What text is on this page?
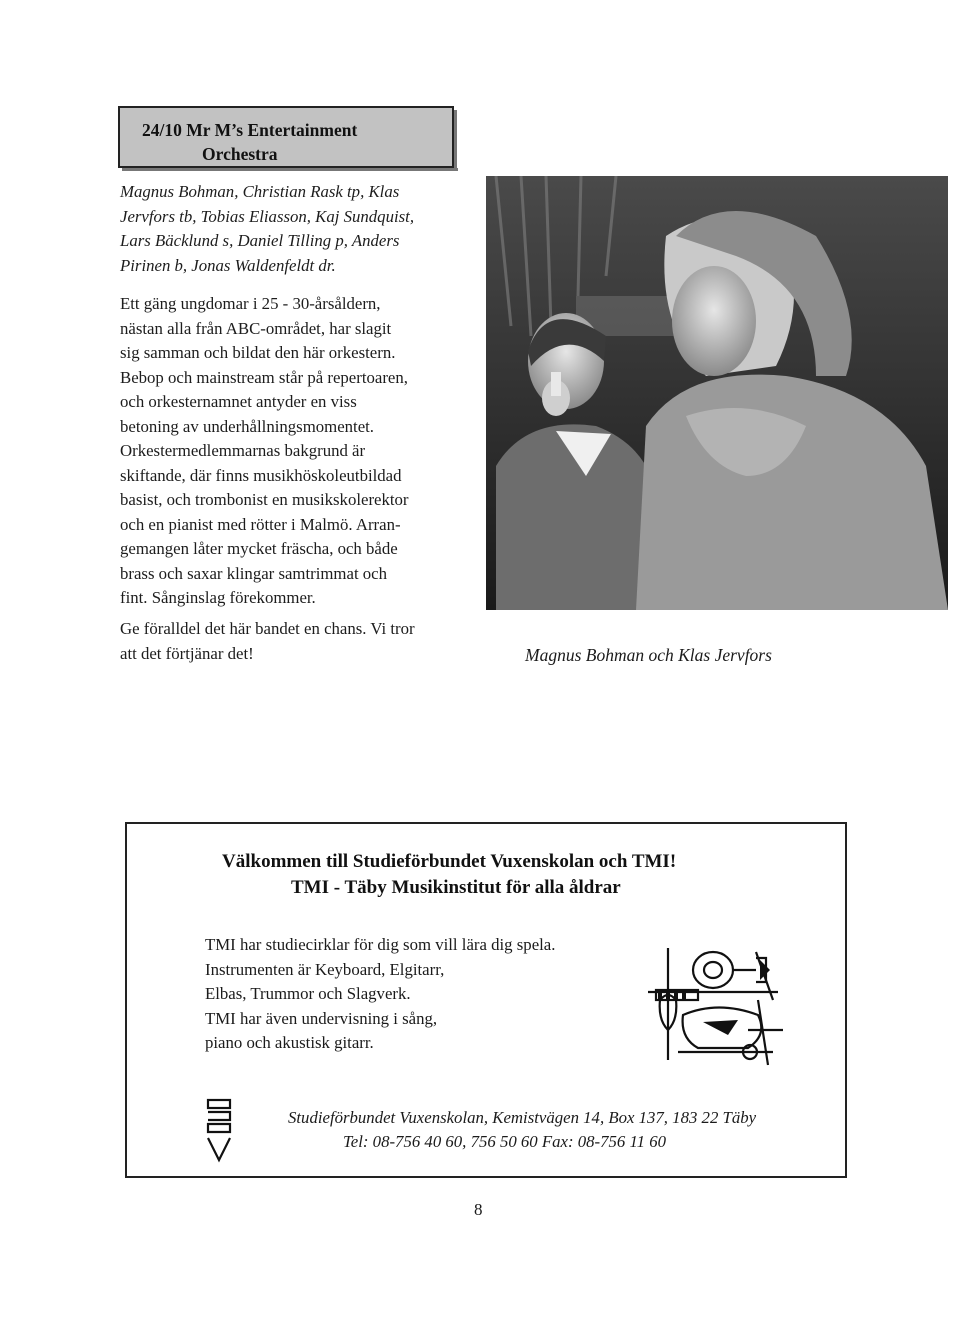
24/10 Mr M’s Entertainment
Orchestra
Magnus Bohman, Christian Rask tp, Klas
Jervfors tb, Tobias Eliasson, Kaj Sundquist,
Lars Bäcklund s, Daniel Tilling p, Anders
Pirinen b, Jonas Waldenfeldt dr.
Ett gäng ungdomar i 25 - 30-årsåldern,
nästan alla från ABC-området, har slagit
sig samman och bildat den här orkestern.
Bebop och mainstream står på repertoaren,
och orkesternamnet antyder en viss
betoning av underhållningsmomentet.
Orkestermedlemmarnas bakgrund är
skiftande, där finns musikhöskoleutbildad
basist, och trombonist en musikskolerektor
och en pianist med rötter i Malmö. Arran-
gemangen låter mycket fräscha, och både
brass och saxar klingar samtrimmat och
fint. Sånginslag förekommer.
Ge föralldel det här bandet en chans. Vi tror
att det förtjänar det!	Magnus Bohman och Klas Jervfors
Välkommen till Studieförbundet Vuxenskolan och TMI!
TMI - Täby Musikinstitut för alla åldrar
TMI har studiecirklar för dig som vill lära dig spela.
Instrumenten är Keyboard, Elgitarr,
Elbas, Trummor och Slagverk.
TMI har även undervisning i sång,
piano och akustisk gitarr.
Studieförbundet Vuxenskolan, Kemistvägen 14, Box 137, 183 22 Täby
Tel: 08-756 40 60, 756 50 60 Fax: 08-756 11 60
8
